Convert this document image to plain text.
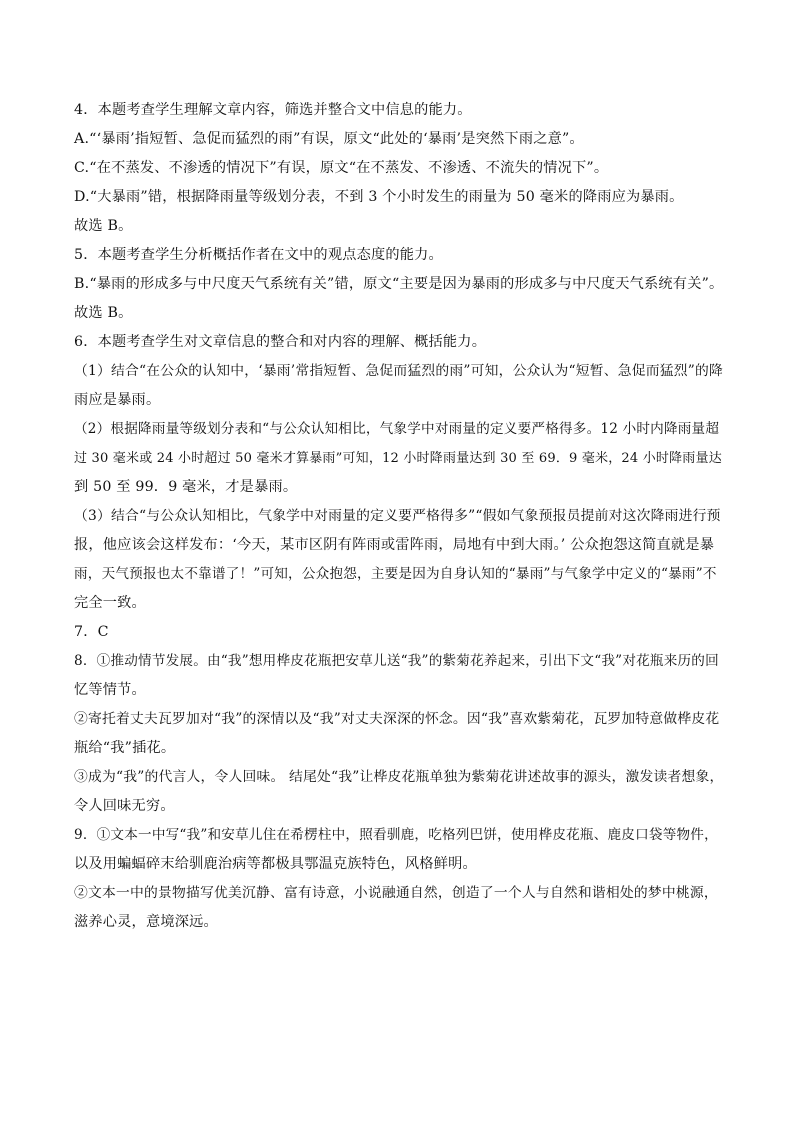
4．本题考查学生理解文章内容，筛选并整合文中信息的能力。
A.“‘暴雨’指短暂、急促而猛烈的雨”有误，原文“此处的‘暴雨’是突然下雨之意”。
C.“在不蒸发、不渗透的情况下”有误，原文“在不蒸发、不渗透、不流失的情况下”。
D.“大暴雨”错，根据降雨量等级划分表，不到 3 个小时发生的雨量为 50 毫米的降雨应为暴雨。
故选 B。
5．本题考查学生分析概括作者在文中的观点态度的能力。
B.“暴雨的形成多与中尺度天气系统有关”错，原文“主要是因为暴雨的形成多与中尺度天气系统有关”。
故选 B。
6．本题考查学生对文章信息的整合和对内容的理解、概括能力。
（1）结合“在公众的认知中，‘暴雨’常指短暂、急促而猛烈的雨”可知，公众认为“短暂、急促而猛烈”的降
雨应是暴雨。
（2）根据降雨量等级划分表和“与公众认知相比，气象学中对雨量的定义要严格得多。12 小时内降雨量超
过 30 毫米或 24 小时超过 50 毫米才算暴雨”可知，12 小时降雨量达到 30 至 69．9 毫米，24 小时降雨量达
到 50 至 99．9 毫米，才是暴雨。
（3）结合“与公众认知相比，气象学中对雨量的定义要严格得多”“假如气象预报员提前对这次降雨进行预
报，他应该会这样发布：‘今天，某市区阴有阵雨或雷阵雨，局地有中到大雨。’ 公众抱怨这简直就是暴
雨，天气预报也太不靠谱了！”可知，公众抱怨，主要是因为自身认知的“暴雨”与气象学中定义的“暴雨”不
完全一致。
7．C
8．①推动情节发展。由“我”想用桦皮花瓶把安草儿送“我”的紫菊花养起来，引出下文“我”对花瓶来历的回
忆等情节。
②寄托着丈夫瓦罗加对“我”的深情以及“我”对丈夫深深的怀念。因“我”喜欢紫菊花，瓦罗加特意做桦皮花
瓶给“我”插花。
③成为“我”的代言人，令人回味。 结尾处“我”让桦皮花瓶单独为紫菊花讲述故事的源头，激发读者想象，
令人回味无穷。
9．①文本一中写“我”和安草儿住在希楞柱中，照看驯鹿，吃格列巴饼，使用桦皮花瓶、鹿皮口袋等物件，
以及用蝙蝠碎末给驯鹿治病等都极具鄂温克族特色，风格鲜明。
②文本一中的景物描写优美沉静、富有诗意，小说融通自然，创造了一个人与自然和谐相处的梦中桃源，
滋养心灵，意境深远。
